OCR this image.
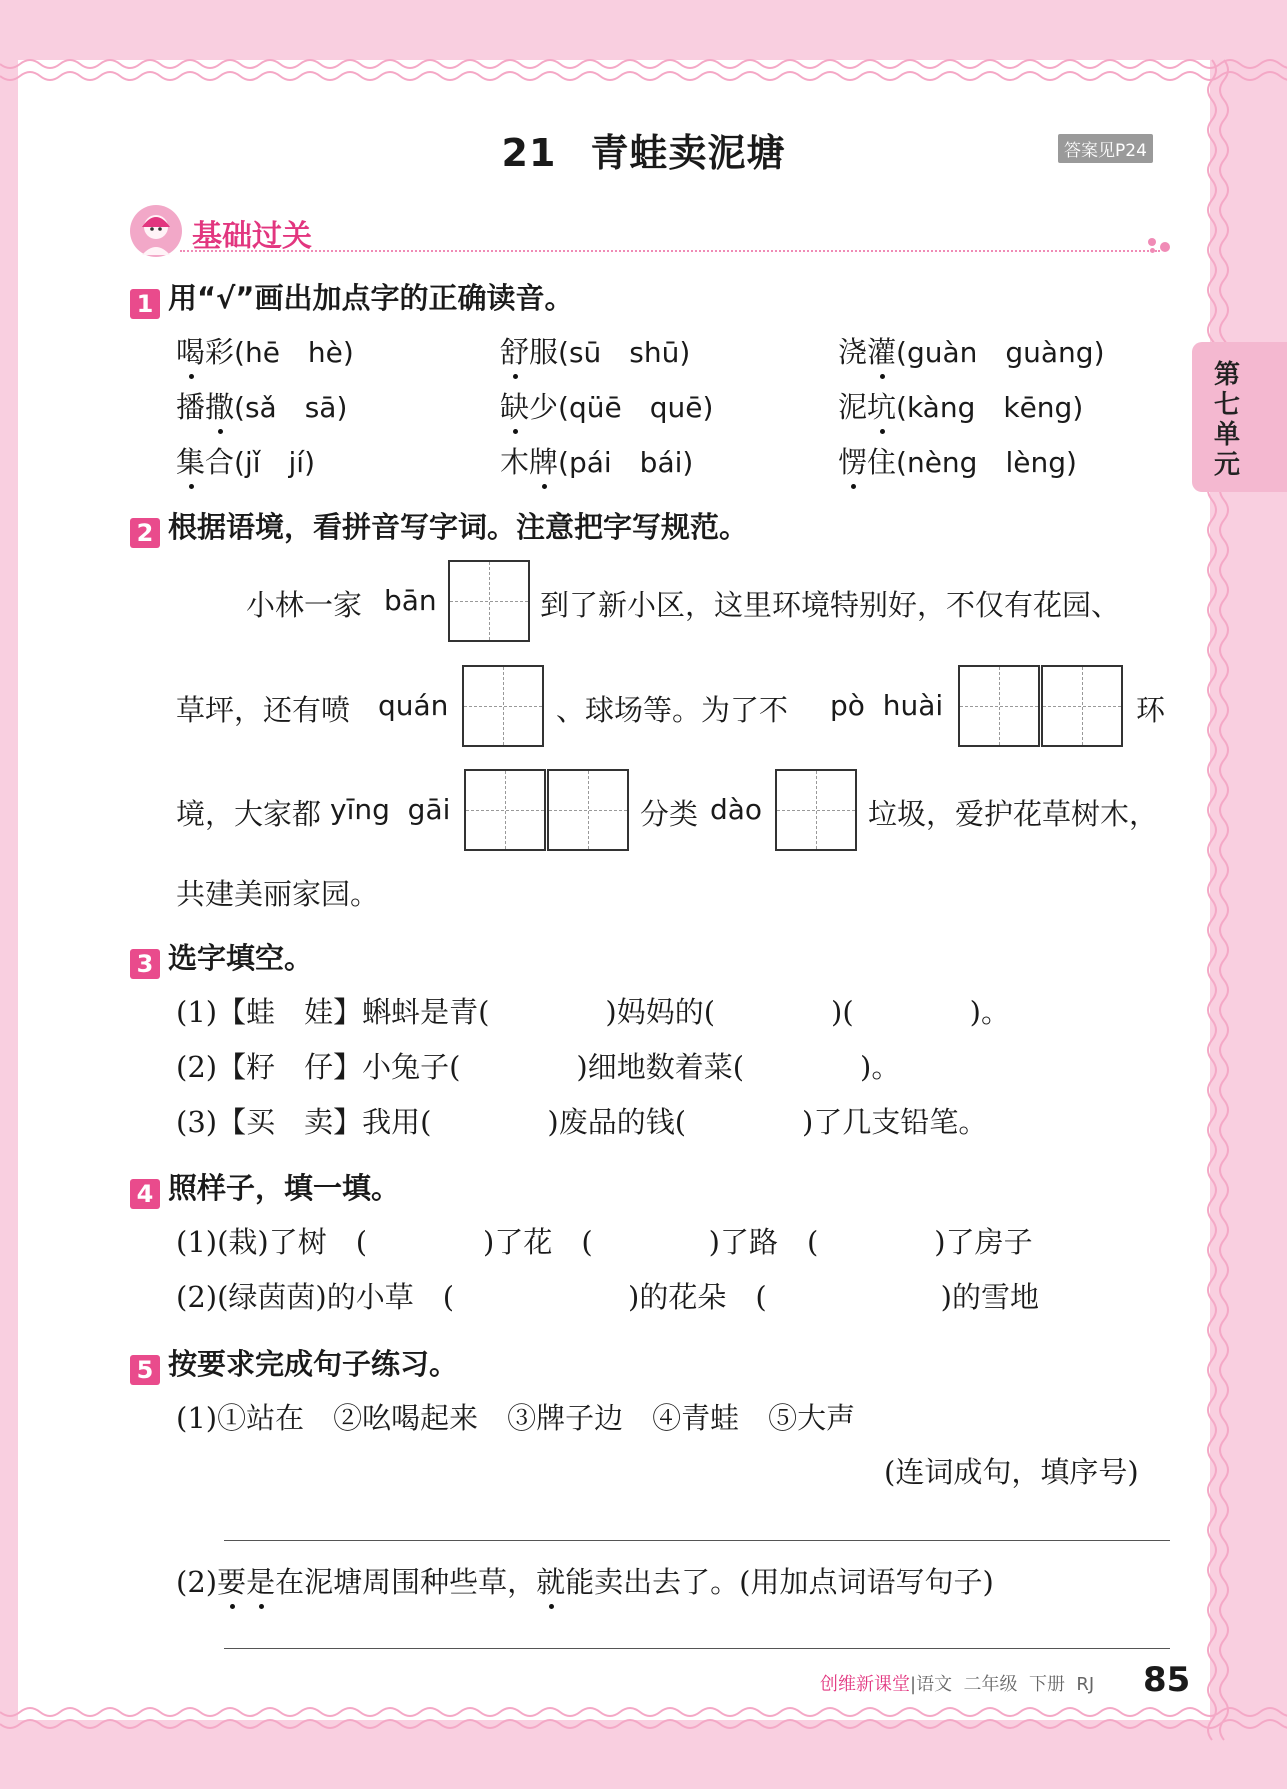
21 青蛙卖泥塘	答案见P24
基础过关
第七单元
1 用“√”画出加点字的正确读音。
喝彩(hē　hè)	舒服(sū　shū)	浇灌(guàn　guàng)
播撒(sǎ　sā)	缺少(qüē　quē)	泥坑(kàng　kēng)
集合(jǐ　jí)	木牌(pái　bái)	愣住(nèng　lèng)
2 根据语境，看拼音写字词。注意把字写规范。
小林一家 bān	到了新小区，这里环境特别好，不仅有花园、
草坪，还有喷 quán	、球场等。为了不 pò  huài	环
境，大家都 yīng  gāi	分类 dào	垃圾，爱护花草树木，
共建美丽家园。
3 选字填空。
(1)【蛙　娃】蝌蚪是青(　　　　)妈妈的(　　　　)(　　　　)。
(2)【籽　仔】小兔子(　　　　)细地数着菜(　　　　)。
(3)【买　卖】我用(　　　　)废品的钱(　　　　)了几支铅笔。
4 照样子，填一填。
(1)(栽)了树　(　　　　)了花　(　　　　)了路　(　　　　)了房子
(2)(绿茵茵)的小草　(　　　　　　)的花朵　(　　　　　　)的雪地
5 按要求完成句子练习。
(1)①站在　②吆喝起来　③牌子边　④青蛙　⑤大声
(连词成句，填序号)
(2)要是在泥塘周围种些草，就能卖出去了。(用加点词语写句子)
创维新课堂|语文  二年级  下册  RJ 85
